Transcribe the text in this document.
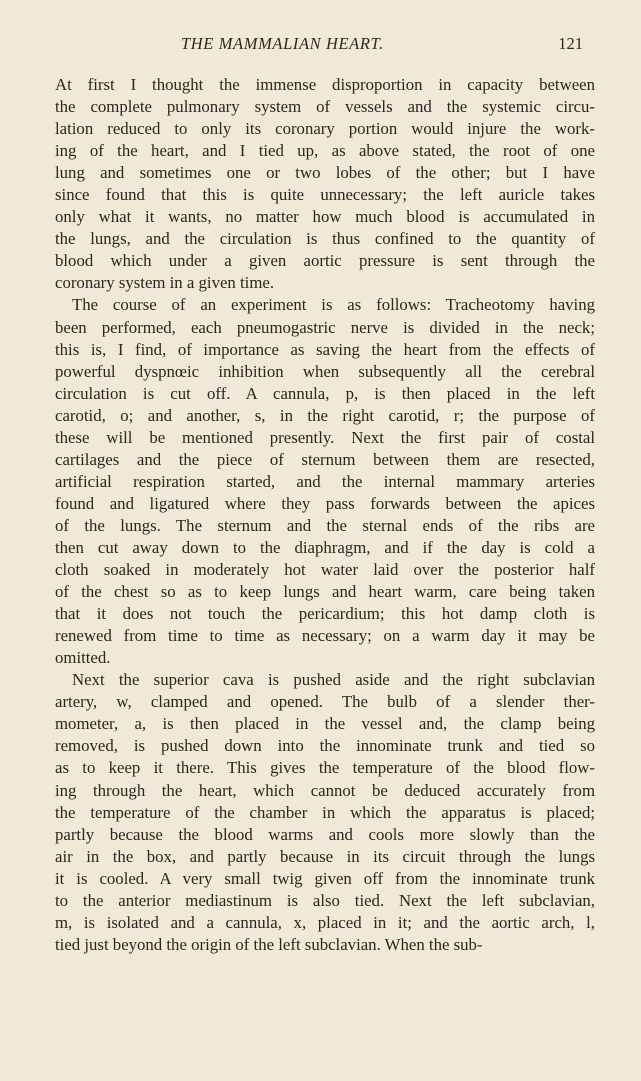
THE MAMMALIAN HEART.	121
At first I thought the immense disproportion in capacity between
the complete pulmonary system of vessels and the systemic circu-
lation reduced to only its coronary portion would injure the work-
ing of the heart, and I tied up, as above stated, the root of one
lung and sometimes one or two lobes of the other; but I have
since found that this is quite unnecessary; the left auricle takes
only what it wants, no matter how much blood is accumulated in
the lungs, and the circulation is thus confined to the quantity of
blood which under a given aortic pressure is sent through the
coronary system in a given time.
The course of an experiment is as follows: Tracheotomy having
been performed, each pneumogastric nerve is divided in the neck;
this is, I find, of importance as saving the heart from the effects of
powerful dyspnœic inhibition when subsequently all the cerebral
circulation is cut off. A cannula, p, is then placed in the left
carotid, o; and another, s, in the right carotid, r; the purpose of
these will be mentioned presently. Next the first pair of costal
cartilages and the piece of sternum between them are resected,
artificial respiration started, and the internal mammary arteries
found and ligatured where they pass forwards between the apices
of the lungs. The sternum and the sternal ends of the ribs are
then cut away down to the diaphragm, and if the day is cold a
cloth soaked in moderately hot water laid over the posterior half
of the chest so as to keep lungs and heart warm, care being taken
that it does not touch the pericardium; this hot damp cloth is
renewed from time to time as necessary; on a warm day it may be
omitted.
Next the superior cava is pushed aside and the right subclavian
artery, w, clamped and opened. The bulb of a slender ther-
mometer, a, is then placed in the vessel and, the clamp being
removed, is pushed down into the innominate trunk and tied so
as to keep it there. This gives the temperature of the blood flow-
ing through the heart, which cannot be deduced accurately from
the temperature of the chamber in which the apparatus is placed;
partly because the blood warms and cools more slowly than the
air in the box, and partly because in its circuit through the lungs
it is cooled. A very small twig given off from the innominate trunk
to the anterior mediastinum is also tied. Next the left subclavian,
m, is isolated and a cannula, x, placed in it; and the aortic arch, l,
tied just beyond the origin of the left subclavian. When the sub-
